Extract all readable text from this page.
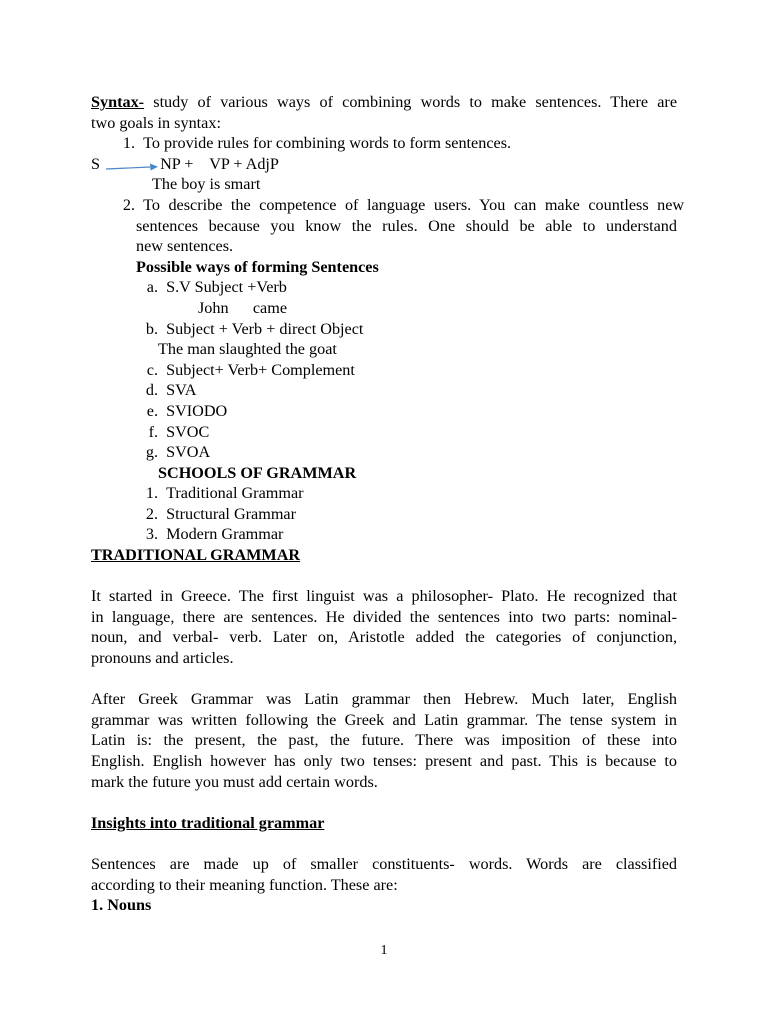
Syntax- study of various ways of combining words to make sentences. There are
two goals in syntax:
1. To provide rules for combining words to form sentences.
S	NP +    VP + AdjP
The boy is smart
2. To describe the competence of language users. You can make countless new
sentences because you know the rules. One should be able to understand
new sentences.
Possible ways of forming Sentences
a. S.V Subject +Verb
John      came
b. Subject + Verb + direct Object
The man slaughted the goat
c. Subject+ Verb+ Complement
d. SVA
e. SVIODO
f. SVOC
g. SVOA
SCHOOLS OF GRAMMAR
1. Traditional Grammar
2. Structural Grammar
3. Modern Grammar
TRADITIONAL GRAMMAR
It started in Greece. The first linguist was a philosopher- Plato. He recognized that
in language, there are sentences. He divided the sentences into two parts: nominal-
noun, and verbal- verb. Later on, Aristotle added the categories of conjunction,
pronouns and articles.
After Greek Grammar was Latin grammar then Hebrew. Much later, English
grammar was written following the Greek and Latin grammar. The tense system in
Latin is: the present, the past, the future. There was imposition of these into
English. English however has only two tenses: present and past. This is because to
mark the future you must add certain words.
Insights into traditional grammar
Sentences are made up of smaller constituents- words. Words are classified
according to their meaning function. These are:
1. Nouns
1
